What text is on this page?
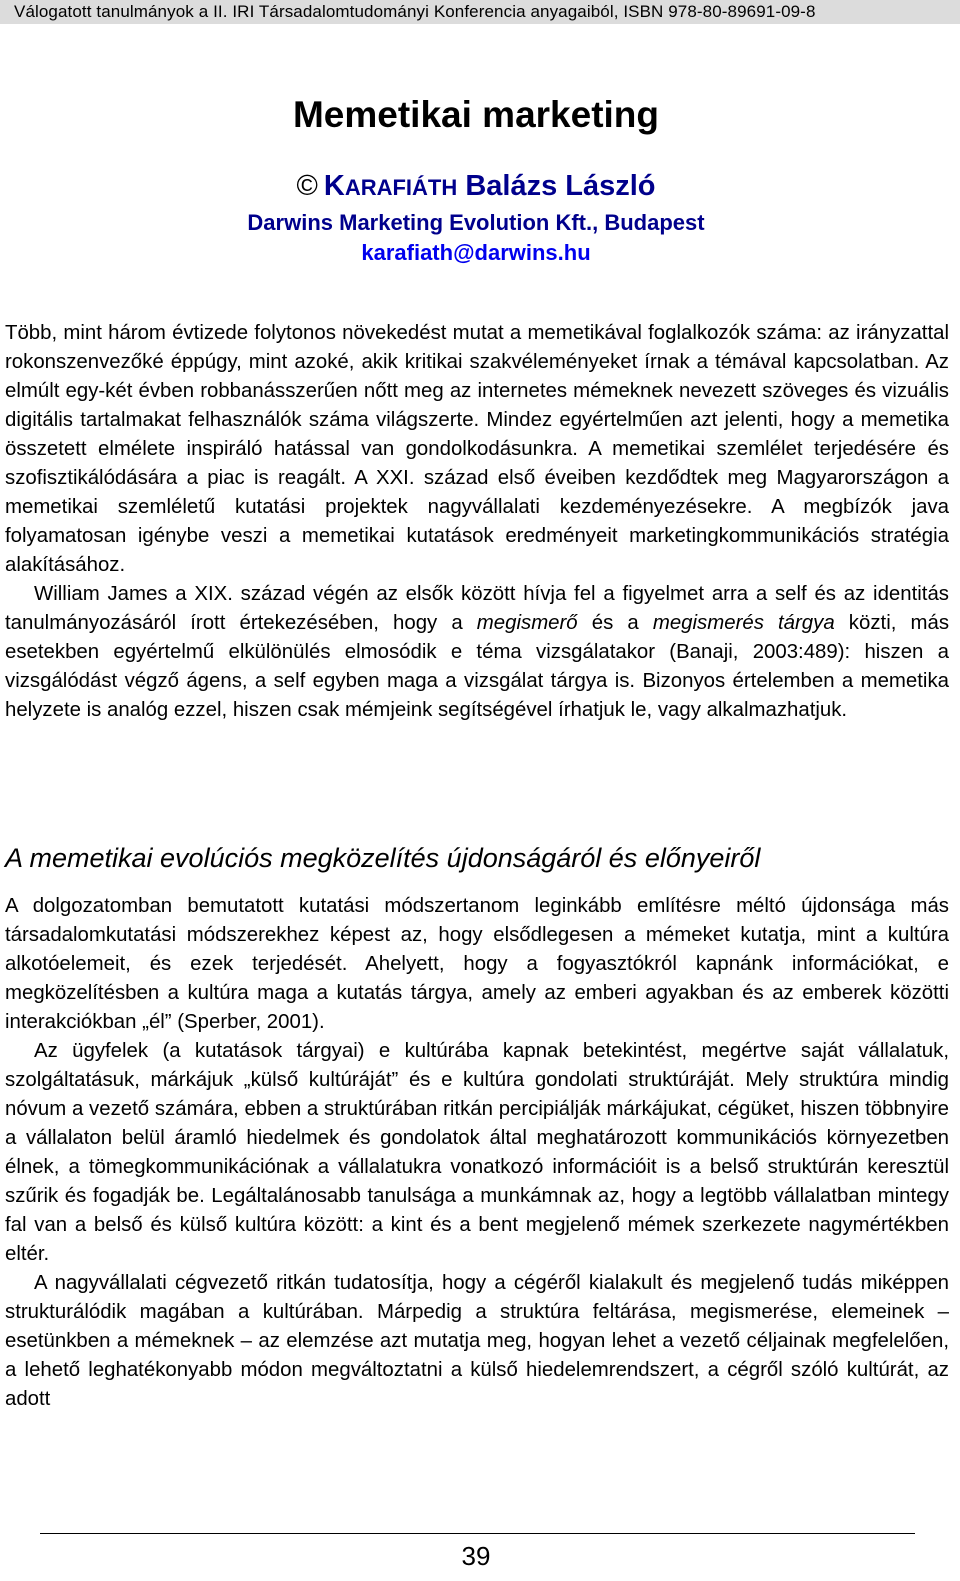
Válogatott tanulmányok a II. IRI Társadalomtudományi Konferencia anyagaiból, ISBN 978-80-89691-09-8
Memetikai marketing
© KARAFIÁTH Balázs László
Darwins Marketing Evolution Kft., Budapest
karafiath@darwins.hu

Több, mint három évtizede folytonos növekedést mutat a memetikával foglalkozók száma: az irányzattal rokonszenvezőké éppúgy, mint azoké, akik kritikai szakvéleményeket írnak a témával kapcsolatban. Az elmúlt egy-két évben robbanásszerűen nőtt meg az internetes mémeknek nevezett szöveges és vizuális digitális tartalmakat felhasználók száma világszerte. Mindez egyértelműen azt jelenti, hogy a memetika összetett elmélete inspiráló hatással van gondolkodásunkra. A memetikai szemlélet terjedésére és szofisztikálódására a piac is reagált. A XXI. század első éveiben kezdődtek meg Magyarországon a memetikai szemléletű kutatási projektek nagyvállalati kezdeményezésekre. A megbízók java folyamatosan igénybe veszi a memetikai kutatások eredményeit marketingkommunikációs stratégia alakításához.

William James a XIX. század végén az elsők között hívja fel a figyelmet arra a self és az identitás tanulmányozásáról írott értekezésében, hogy a megismerő és a megismerés tárgya közti, más esetekben egyértelmű elkülönülés elmosódik e téma vizsgálatakor (Banaji, 2003:489): hiszen a vizsgálódást végző ágens, a self egyben maga a vizsgálat tárgya is. Bizonyos értelemben a memetika helyzete is analóg ezzel, hiszen csak mémjeink segítségével írhatjuk le, vagy alkalmazhatjuk.

A memetikai evolúciós megközelítés újdonságáról és előnyeiről

A dolgozatomban bemutatott kutatási módszertanom leginkább említésre méltó újdonsága más társadalomkutatási módszerekhez képest az, hogy elsődlegesen a mémeket kutatja, mint a kultúra alkotóelemeit, és ezek terjedését. Ahelyett, hogy a fogyasztókról kapnánk információkat, e megközelítésben a kultúra maga a kutatás tárgya, amely az emberi agyakban és az emberek közötti interakciókban „él” (Sperber, 2001).

Az ügyfelek (a kutatások tárgyai) e kultúrába kapnak betekintést, megértve saját vállalatuk, szolgáltatásuk, márkájuk „külső kultúráját” és e kultúra gondolati struktúráját. Mely struktúra mindig nóvum a vezető számára, ebben a struktúrában ritkán percipiálják márkájukat, cégüket, hiszen többnyire a vállalaton belül áramló hiedelmek és gondolatok által meghatározott kommunikációs környezetben élnek, a tömegkommunikációnak a vállalatukra vonatkozó információit is a belső struktúrán keresztül szűrik és fogadják be. Legáltalánosabb tanulsága a munkámnak az, hogy a legtöbb vállalatban mintegy fal van a belső és külső kultúra között: a kint és a bent megjelenő mémek szerkezete nagymértékben eltér.

A nagyvállalati cégvezető ritkán tudatosítja, hogy a cégéről kialakult és megjelenő tudás miképpen strukturálódik magában a kultúrában. Márpedig a struktúra feltárása, megismerése, elemeinek – esetünkben a mémeknek – az elemzése azt mutatja meg, hogyan lehet a vezető céljainak megfelelően, a lehető leghatékonyabb módon megváltoztatni a külső hiedelemrendszert, a cégről szóló kultúrát, az adott

39
